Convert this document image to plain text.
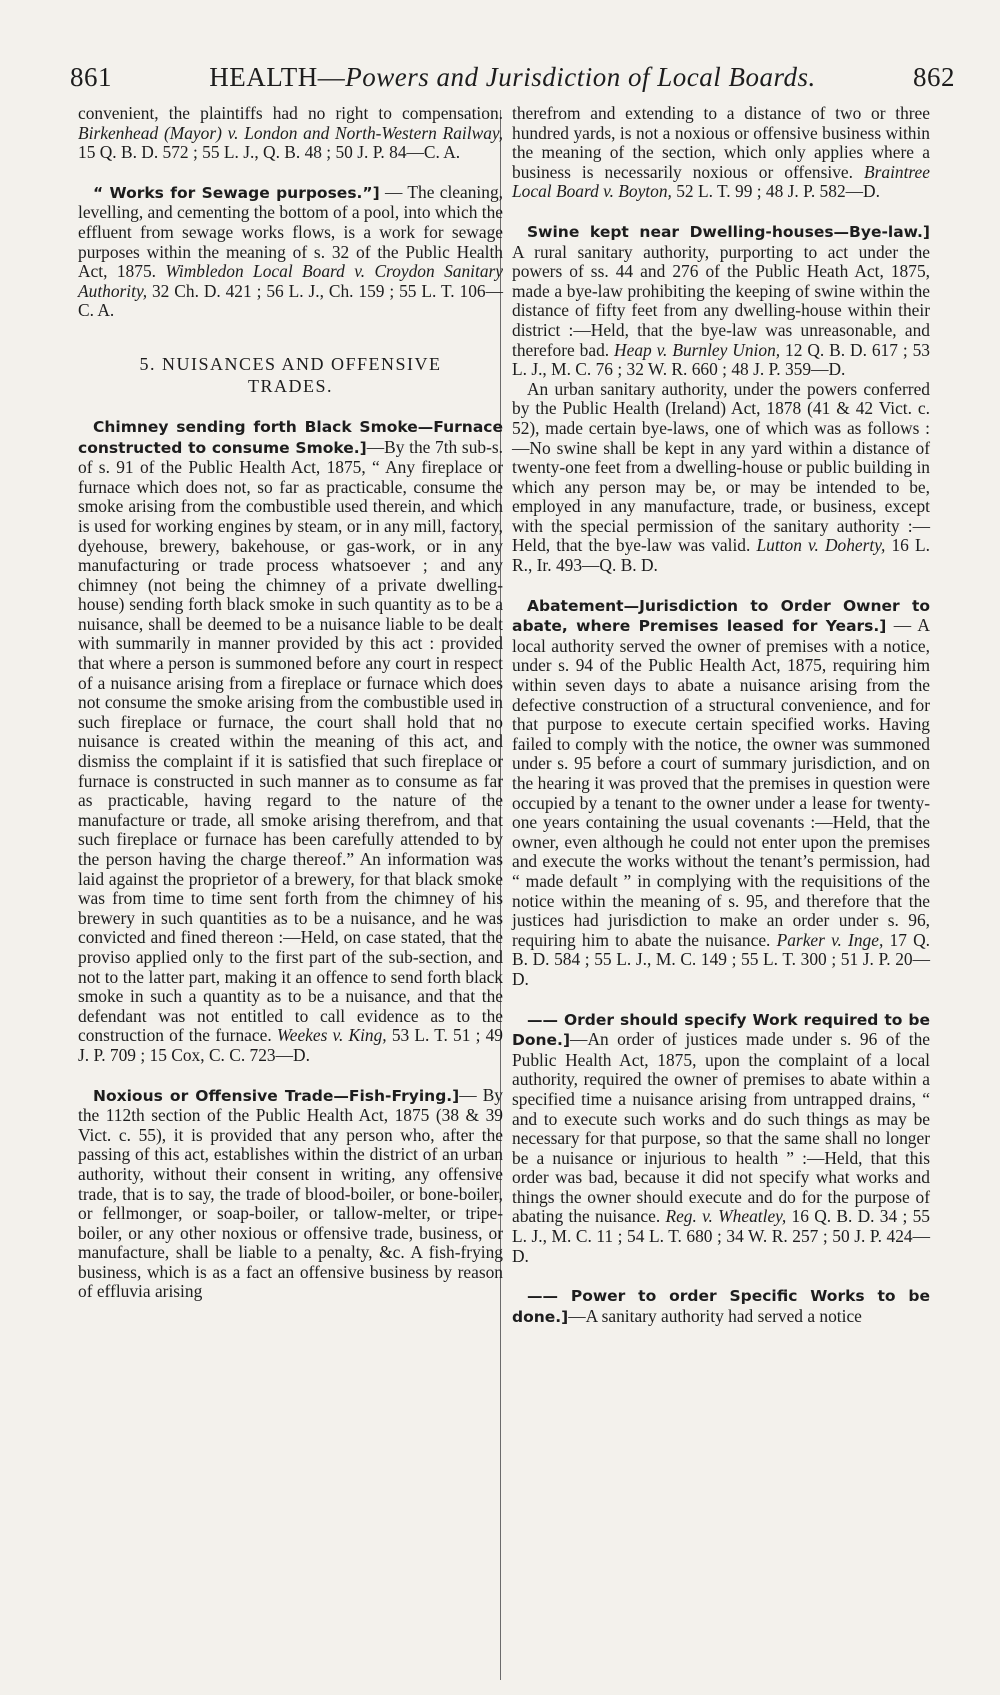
861	HEALTH—Powers and Jurisdiction of Local Boards.	862

convenient, the plaintiffs had no right to compensation. Birkenhead (Mayor) v. London and North-Western Railway, 15 Q. B. D. 572 ; 55 L. J., Q. B. 48 ; 50 J. P. 84—C. A.

“ Works for Sewage purposes.”] — The cleaning, levelling, and cementing the bottom of a pool, into which the effluent from sewage works flows, is a work for sewage purposes within the meaning of s. 32 of the Public Health Act, 1875. Wimbledon Local Board v. Croydon Sanitary Authority, 32 Ch. D. 421 ; 56 L. J., Ch. 159 ; 55 L. T. 106—C. A.

5. NUISANCES AND OFFENSIVE
TRADES.

Chimney sending forth Black Smoke—Furnace constructed to consume Smoke.]—By the 7th sub-s. of s. 91 of the Public Health Act, 1875, “ Any fireplace or furnace which does not, so far as practicable, consume the smoke arising from the combustible used therein, and which is used for working engines by steam, or in any mill, factory, dyehouse, brewery, bakehouse, or gas-work, or in any manufacturing or trade process whatsoever ; and any chimney (not being the chimney of a private dwelling-house) sending forth black smoke in such quantity as to be a nuisance, shall be deemed to be a nuisance liable to be dealt with summarily in manner provided by this act : provided that where a person is summoned before any court in respect of a nuisance arising from a fireplace or furnace which does not consume the smoke arising from the combustible used in such fireplace or furnace, the court shall hold that no nuisance is created within the meaning of this act, and dismiss the complaint if it is satisfied that such fireplace or furnace is constructed in such manner as to consume as far as practicable, having regard to the nature of the manufacture or trade, all smoke arising therefrom, and that such fireplace or furnace has been carefully attended to by the person having the charge thereof.” An information was laid against the proprietor of a brewery, for that black smoke was from time to time sent forth from the chimney of his brewery in such quantities as to be a nuisance, and he was convicted and fined thereon :—Held, on case stated, that the proviso applied only to the first part of the sub-section, and not to the latter part, making it an offence to send forth black smoke in such a quantity as to be a nuisance, and that the defendant was not entitled to call evidence as to the construction of the furnace. Weekes v. King, 53 L. T. 51 ; 49 J. P. 709 ; 15 Cox, C. C. 723—D.

Noxious or Offensive Trade—Fish-Frying.]— By the 112th section of the Public Health Act, 1875 (38 & 39 Vict. c. 55), it is provided that any person who, after the passing of this act, establishes within the district of an urban authority, without their consent in writing, any offensive trade, that is to say, the trade of blood-boiler, or bone-boiler, or fellmonger, or soap-boiler, or tallow-melter, or tripe-boiler, or any other noxious or offensive trade, business, or manufacture, shall be liable to a penalty, &c. A fish-frying business, which is as a fact an offensive business by reason of effluvia arising

therefrom and extending to a distance of two or three hundred yards, is not a noxious or offensive business within the meaning of the section, which only applies where a business is necessarily noxious or offensive. Braintree Local Board v. Boyton, 52 L. T. 99 ; 48 J. P. 582—D.

Swine kept near Dwelling-houses—Bye-law.] A rural sanitary authority, purporting to act under the powers of ss. 44 and 276 of the Public Heath Act, 1875, made a bye-law prohibiting the keeping of swine within the distance of fifty feet from any dwelling-house within their district :—Held, that the bye-law was unreasonable, and therefore bad. Heap v. Burnley Union, 12 Q. B. D. 617 ; 53 L. J., M. C. 76 ; 32 W. R. 660 ; 48 J. P. 359—D.

An urban sanitary authority, under the powers conferred by the Public Health (Ireland) Act, 1878 (41 & 42 Vict. c. 52), made certain bye-laws, one of which was as follows :—No swine shall be kept in any yard within a distance of twenty-one feet from a dwelling-house or public building in which any person may be, or may be intended to be, employed in any manufacture, trade, or business, except with the special permission of the sanitary authority :—Held, that the bye-law was valid. Lutton v. Doherty, 16 L. R., Ir. 493—Q. B. D.

Abatement—Jurisdiction to Order Owner to abate, where Premises leased for Years.] — A local authority served the owner of premises with a notice, under s. 94 of the Public Health Act, 1875, requiring him within seven days to abate a nuisance arising from the defective construction of a structural convenience, and for that purpose to execute certain specified works. Having failed to comply with the notice, the owner was summoned under s. 95 before a court of summary jurisdiction, and on the hearing it was proved that the premises in question were occupied by a tenant to the owner under a lease for twenty-one years containing the usual covenants :—Held, that the owner, even although he could not enter upon the premises and execute the works without the tenant’s permission, had “ made default ” in complying with the requisitions of the notice within the meaning of s. 95, and therefore that the justices had jurisdiction to make an order under s. 96, requiring him to abate the nuisance. Parker v. Inge, 17 Q. B. D. 584 ; 55 L. J., M. C. 149 ; 55 L. T. 300 ; 51 J. P. 20—D.

—— Order should specify Work required to be Done.]—An order of justices made under s. 96 of the Public Health Act, 1875, upon the complaint of a local authority, required the owner of premises to abate within a specified time a nuisance arising from untrapped drains, “ and to execute such works and do such things as may be necessary for that purpose, so that the same shall no longer be a nuisance or injurious to health ” :—Held, that this order was bad, because it did not specify what works and things the owner should execute and do for the purpose of abating the nuisance. Reg. v. Wheatley, 16 Q. B. D. 34 ; 55 L. J., M. C. 11 ; 54 L. T. 680 ; 34 W. R. 257 ; 50 J. P. 424—D.

—— Power to order Specific Works to be done.]—A sanitary authority had served a notice
